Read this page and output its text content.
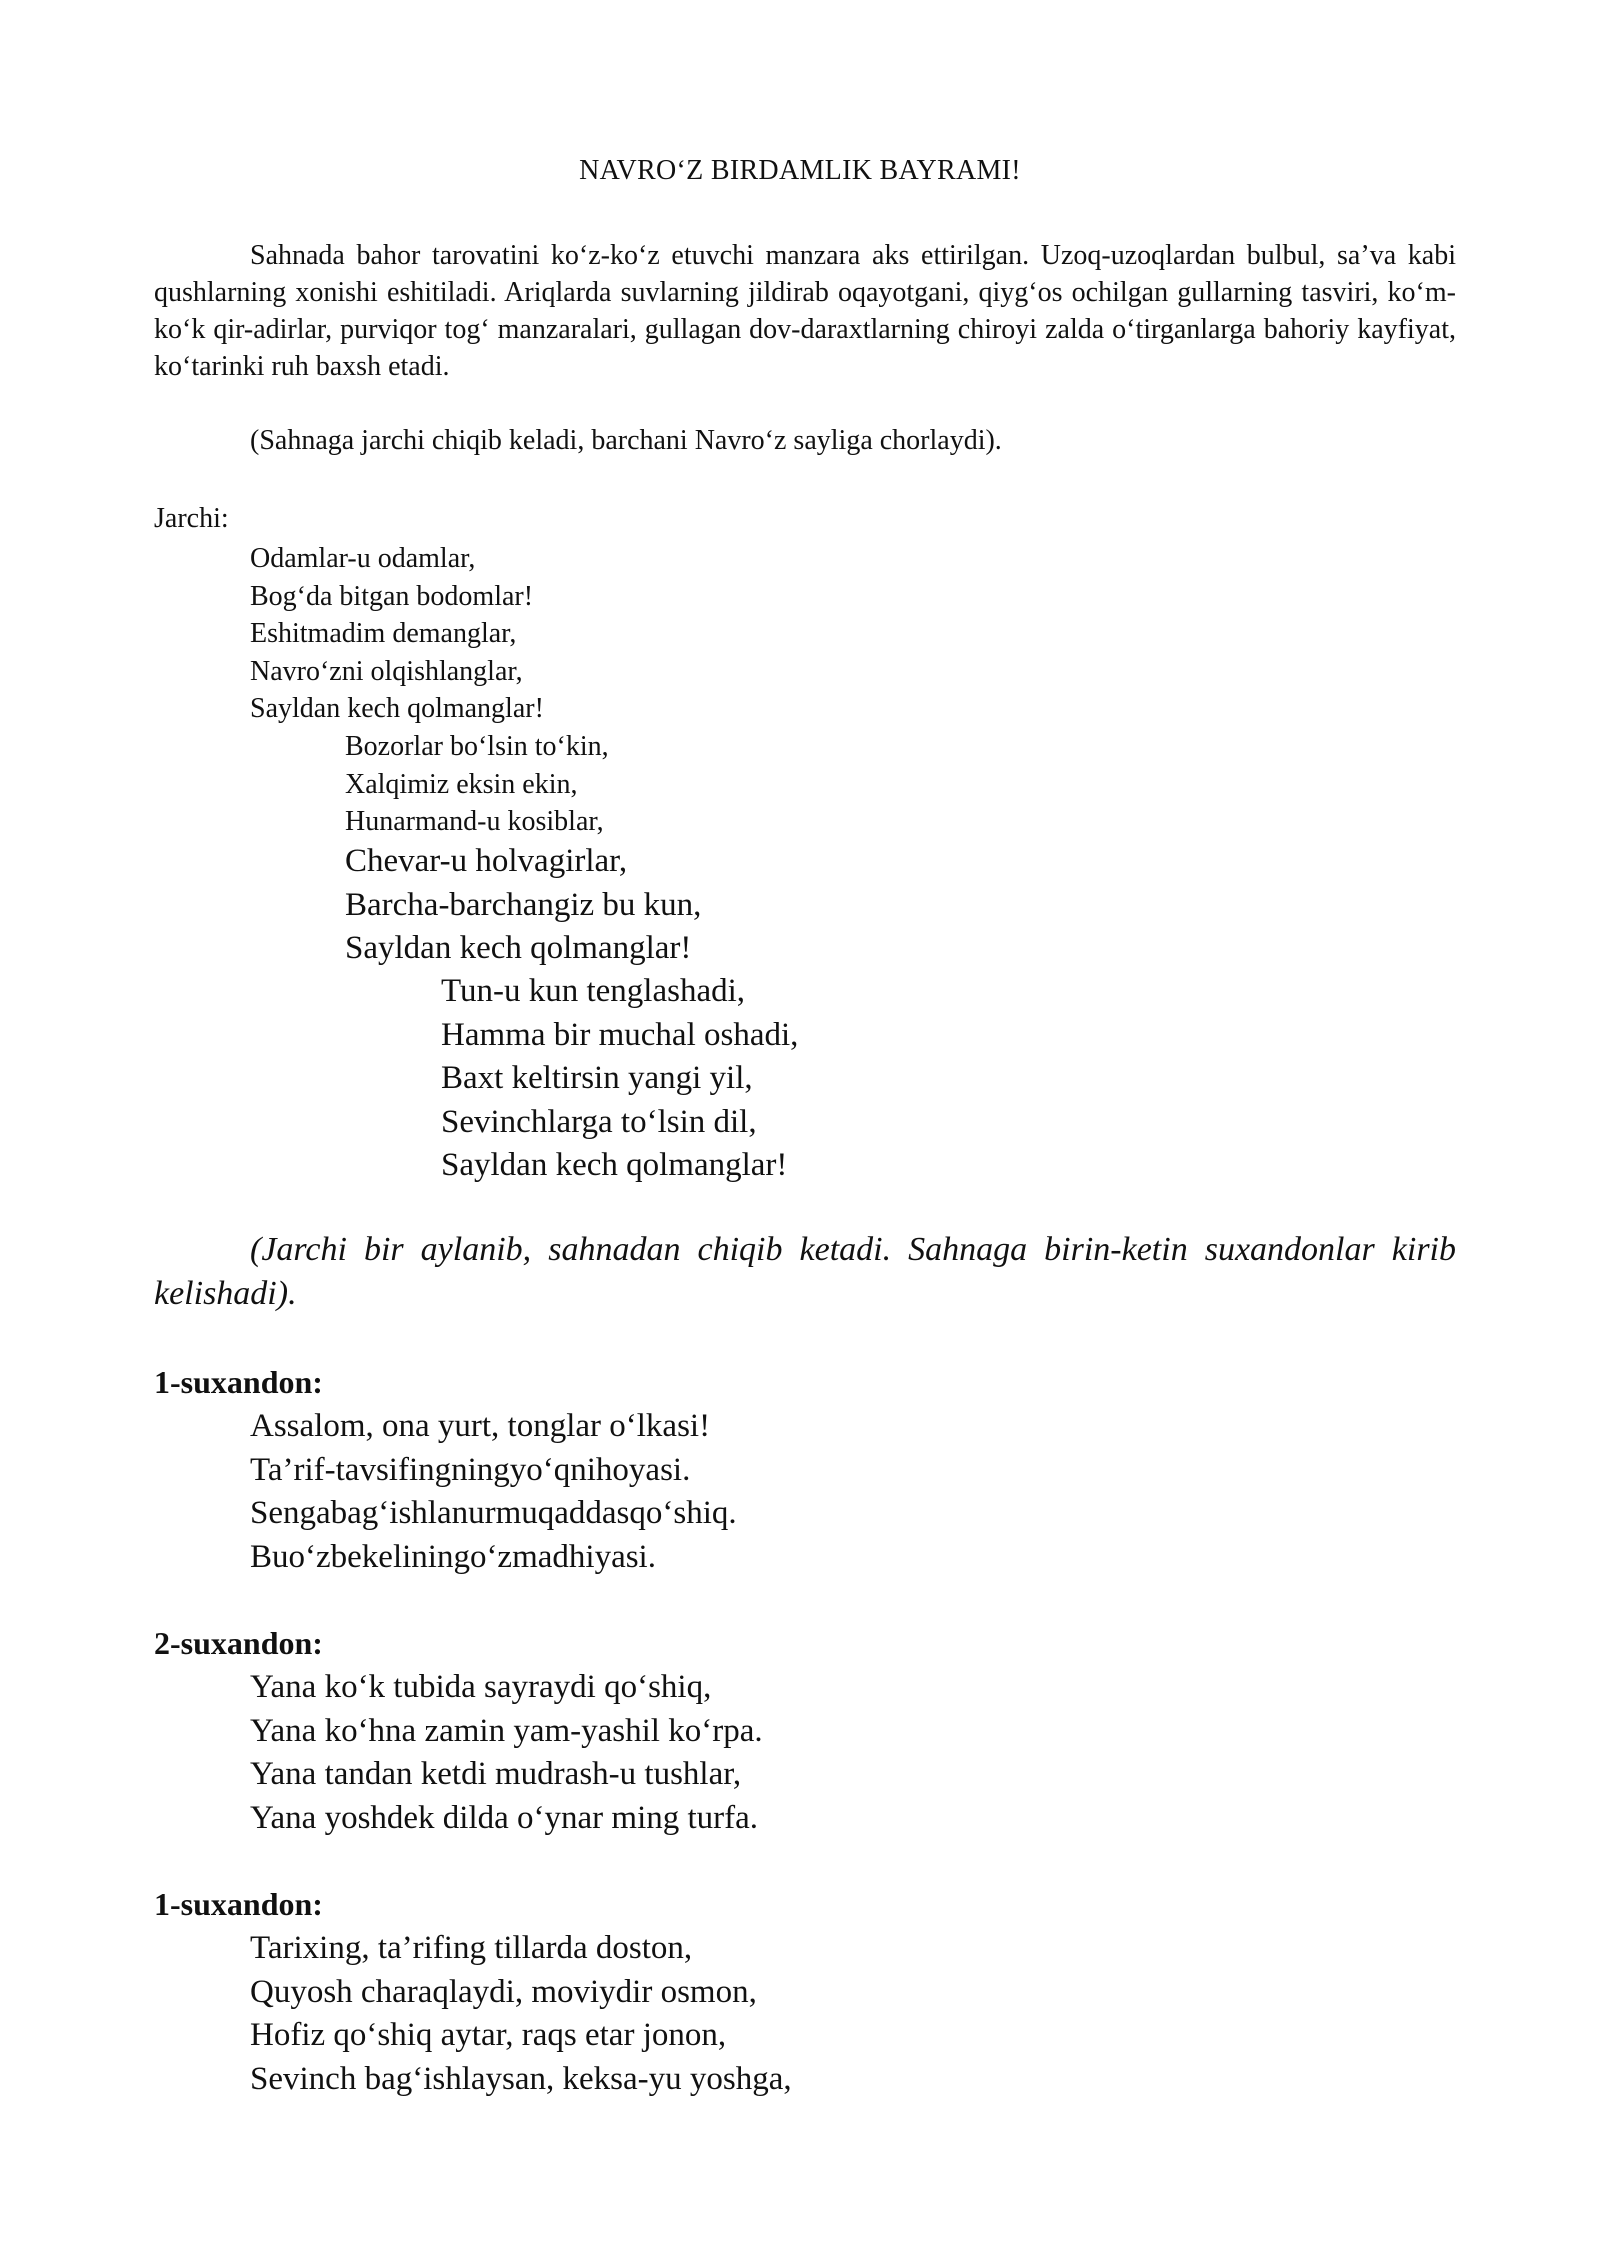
NAVRO‘Z BIRDAMLIK BAYRAMI!
Sahnada bahor tarovatini ko‘z-ko‘z etuvchi manzara aks ettirilgan. Uzoq-uzoqlardan bulbul, sa’va kabi qushlarning xonishi eshitiladi. Ariqlarda suvlarning jildirab oqayotgani, qiyg‘os ochilgan gullarning tasviri, ko‘m-ko‘k qir-adirlar, purviqor tog‘ manzaralari, gullagan dov-daraxtlarning chiroyi zalda o‘tirganlarga bahoriy kayfiyat, ko‘tarinki ruh baxsh etadi.
(Sahnaga jarchi chiqib keladi, barchani Navro‘z sayliga chorlaydi).
Jarchi:
Odamlar-u odamlar,
Bog‘da bitgan bodomlar!
Eshitmadim demanglar,
Navro‘zni olqishlanglar,
Sayldan kech qolmanglar!
Bozorlar bo‘lsin to‘kin,
Xalqimiz eksin ekin,
Hunarmand-u kosiblar,
Chevar-u holvagirlar,
Barcha-barchangiz bu kun,
Sayldan kech qolmanglar!
Tun-u kun tenglashadi,
Hamma bir muchal oshadi,
Baxt keltirsin yangi yil,
Sevinchlarga to‘lsin dil,
Sayldan kech qolmanglar!
(Jarchi bir aylanib, sahnadan chiqib ketadi. Sahnaga birin-ketin suxandonlar kirib kelishadi).
1-suxandon:
Assalom, ona yurt, tonglar o‘lkasi!
Ta’rif-tavsifingningyo‘qnihoyasi.
Sengabag‘ishlanurmuqaddasqo‘shiq.
Buo‘zbekeliningo‘zmadhiyasi.
2-suxandon:
Yana ko‘k tubida sayraydi qo‘shiq,
Yana ko‘hna zamin yam-yashil ko‘rpa.
Yana tandan ketdi mudrash-u tushlar,
Yana yoshdek dilda o‘ynar ming turfa.
1-suxandon:
Tarixing, ta’rifing tillarda doston,
Quyosh charaqlaydi, moviydir osmon,
Hofiz qo‘shiq aytar, raqs etar jonon,
Sevinch bag‘ishlaysan, keksa-yu yoshga,
